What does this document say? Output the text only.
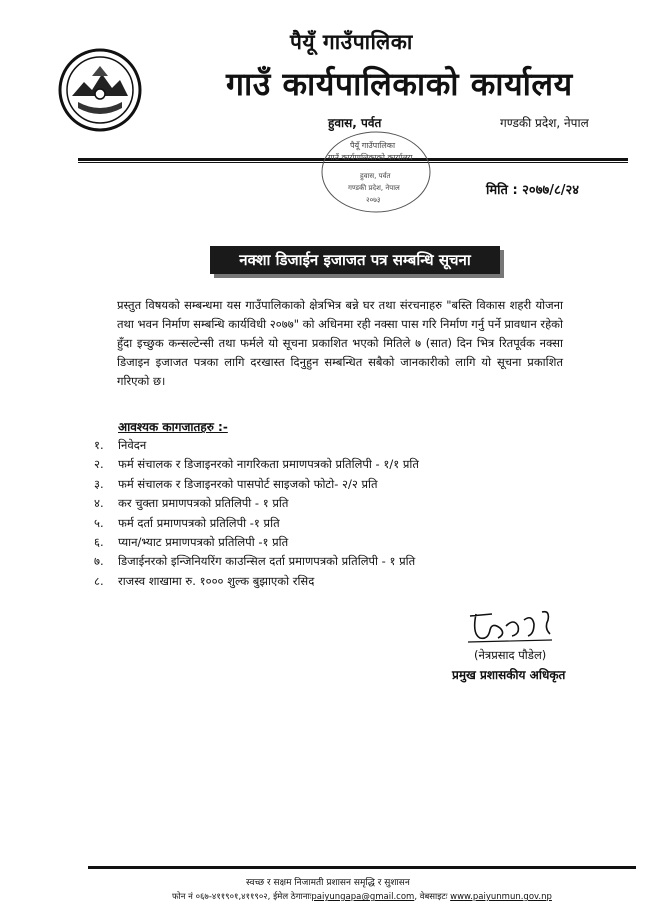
पैयूँ गाउँपालिका
गाउँ कार्यपालिकाको कार्यालय
हुवास, पर्वत	गण्डकी प्रदेश, नेपाल
पैयूँ गाउँपालिका
गाउँ कार्यपालिकाको कार्यालय
हुवास, पर्वत
गण्डकी प्रदेश, नेपाल
२०७३
मिति : २०७७/८/२४
नक्शा डिजाईन इजाजत पत्र सम्बन्धि सूचना
प्रस्तुत विषयको सम्बन्धमा यस गाउँपालिकाको क्षेत्रभित्र बन्ने घर तथा संरचनाहरु "बस्ति विकास शहरी योजना तथा भवन निर्माण सम्बन्धि कार्यविधी २०७७" को अधिनमा रही नक्सा पास गरि निर्माण गर्नु पर्ने प्रावधान रहेको हुँदा इच्छुक कन्सल्टेन्सी तथा फर्मले यो सूचना प्रकाशित भएको मितिले ७ (सात) दिन भित्र रितपूर्वक नक्सा डिजाइन इजाजत पत्रका लागि दरखास्त दिनुहुन सम्बन्धित सबैको जानकारीको लागि यो सूचना प्रकाशित गरिएको छ।
आवश्यक कागजातहरु :-
१. निवेदन
२. फर्म संचालक र डिजाइनरको नागरिकता प्रमाणपत्रको प्रतिलिपी - १/१ प्रति
३. फर्म संचालक र डिजाइनरको पासपोर्ट साइजको फोटो- २/२ प्रति
४. कर चुक्ता प्रमाणपत्रको प्रतिलिपी - १ प्रति
५. फर्म दर्ता प्रमाणपत्रको प्रतिलिपी -१ प्रति
६. प्यान/भ्याट प्रमाणपत्रको प्रतिलिपी -१ प्रति
७. डिजाईनरको इन्जिनियरिंग काउन्सिल दर्ता प्रमाणपत्रको प्रतिलिपी - १ प्रति
८. राजस्व शाखामा रु. १००० शुल्क बुझाएको रसिद
(नेत्रप्रसाद पौडेल)
प्रमुख प्रशासकीय अधिकृत
स्वच्छ र सक्षम निजामती प्रशासन समृद्धि र सुशासन
फोन नं ०६७-४११९०१,४११९०२, ईमेल ठेगानाःpaiyungapa@gmail.com, वेबसाइटः www.paiyunmun.gov.np
